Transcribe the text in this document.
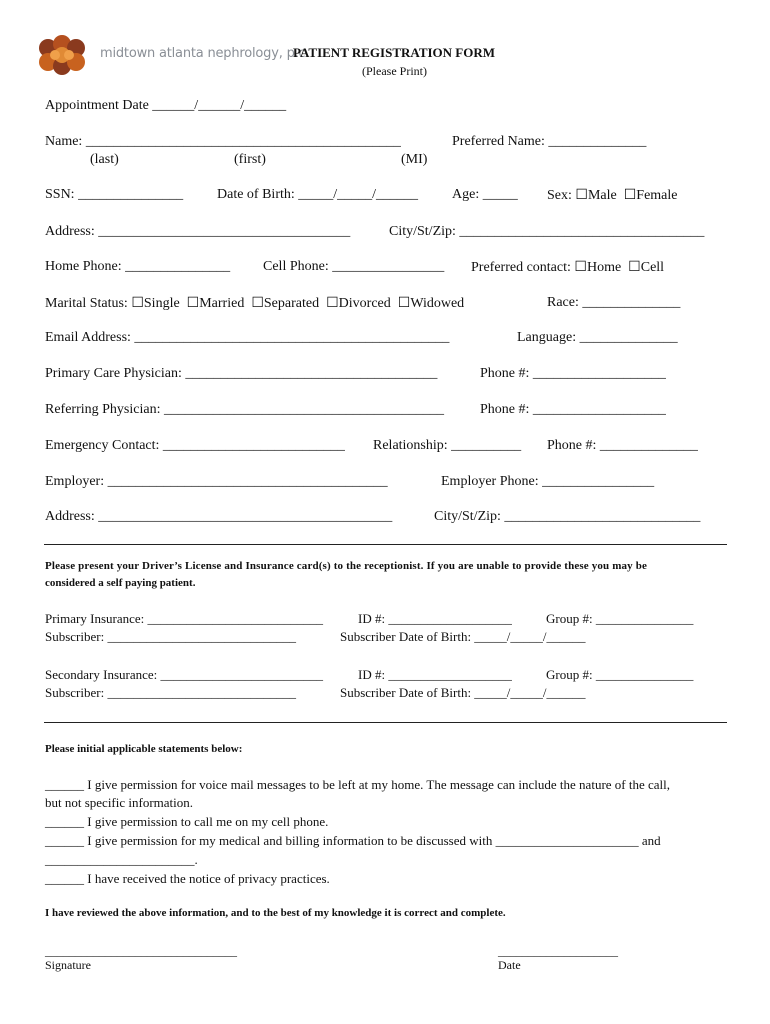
midtown atlanta nephrology, p.c.
PATIENT REGISTRATION FORM
(Please Print)
Appointment Date ______/______/______
Name: _____________________________________________	Preferred Name: ______________
(last)	(first)	(MI)
SSN: _______________ Date of Birth: _____/_____/______ Age: _____ Sex: ☐Male ☐Female
Address: ____________________________________	City/St/Zip: ___________________________________
Home Phone: _______________ Cell Phone: ________________ Preferred contact: ☐Home ☐Cell
Marital Status: ☐Single ☐Married ☐Separated ☐Divorced ☐Widowed	Race: ______________
Email Address: _____________________________________________	Language: ______________
Primary Care Physician: ____________________________________	Phone #: ___________________
Referring Physician: ________________________________________	Phone #: ___________________
Emergency Contact: __________________________ Relationship: __________ Phone #: ______________
Employer: ________________________________________	Employer Phone: ________________
Address: __________________________________________	City/St/Zip: ____________________________
Please present your Driver’s License and Insurance card(s) to the receptionist. If you are unable to provide these you may be
considered a self paying patient.
Primary Insurance: ___________________________	ID #: ___________________	Group #: _______________
Subscriber: _____________________________	Subscriber Date of Birth: _____/_____/______
Secondary Insurance: _________________________	ID #: ___________________	Group #: _______________
Subscriber: _____________________________	Subscriber Date of Birth: _____/_____/______
Please initial applicable statements below:
______ I give permission for voice mail messages to be left at my home. The message can include the nature of the call,
but not specific information.
______ I give permission to call me on my cell phone.
______ I give permission for my medical and billing information to be discussed with ______________________ and
_______________________.
______ I have received the notice of privacy practices.
I have reviewed the above information, and to the best of my knowledge it is correct and complete.
________________________________
Signature
____________________
Date
